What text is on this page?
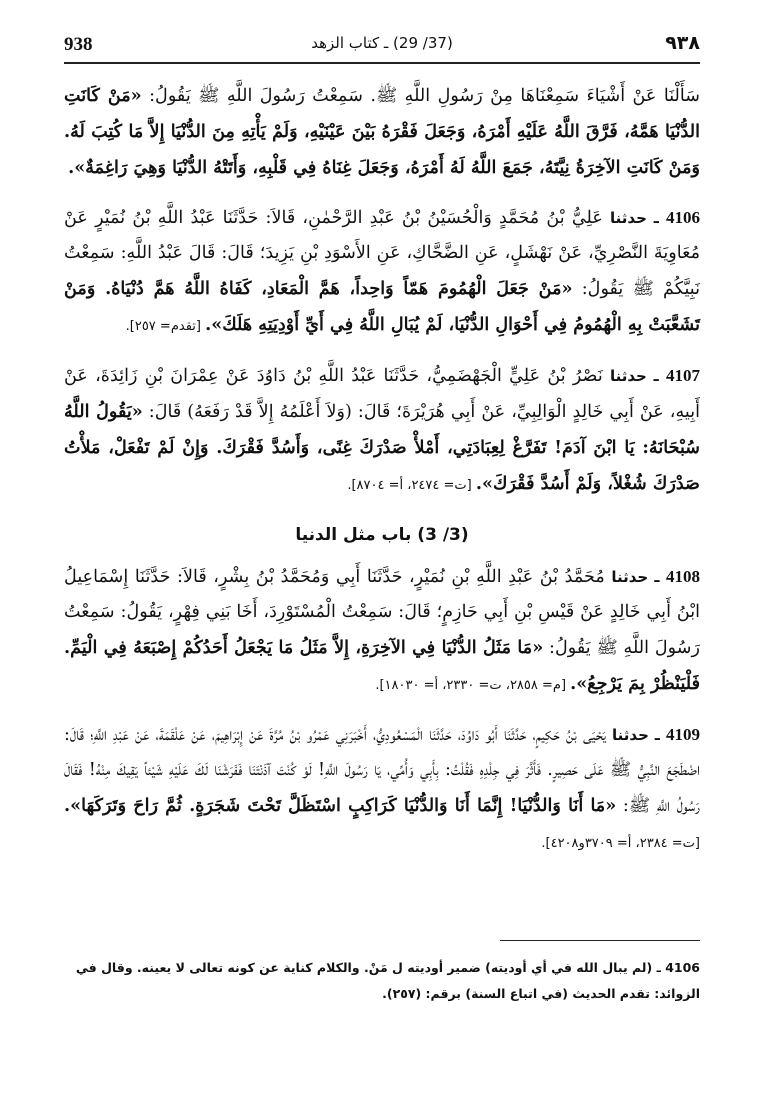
938	(37/ 29) ـ كتاب الزهد	٩٣٨

سَأَلْنَا عَنْ أَشْيَاءَ سَمِعْنَاهَا مِنْ رَسُولِ اللَّهِ ﷺ. سَمِعْتُ رَسُولَ اللَّهِ ﷺ يَقُولُ: «مَنْ كَانَتِ الدُّنْيَا هَمَّهُ، فَرَّقَ اللَّهُ عَلَيْهِ أَمْرَهُ، وَجَعَلَ فَقْرَهُ بَيْنَ عَيْنَيْهِ، وَلَمْ يَأْتِهِ مِنَ الدُّنْيَا إِلاَّ مَا كُتِبَ لَهُ. وَمَنْ كَانَتِ الآخِرَةُ نِيَّتَهُ، جَمَعَ اللَّهُ لَهُ أَمْرَهُ، وَجَعَلَ غِنَاهُ فِي قَلْبِهِ، وَأَتَتْهُ الدُّنْيَا وَهِيَ رَاغِمَةٌ».

4106 ـ حدثنا عَلِيُّ بْنُ مُحَمَّدٍ وَالْحُسَيْنُ بْنُ عَبْدِ الرَّحْمٰنِ، قَالاَ: حَدَّثَنَا عَبْدُ اللَّهِ بْنُ نُمَيْرٍ عَنْ مُعَاوِيَةَ النَّصْرِيِّ، عَنْ نَهْشَلٍ، عَنِ الضَّحَّاكِ، عَنِ الأَسْوَدِ بْنِ يَزِيدَ؛ قَالَ: قَالَ عَبْدُ اللَّهِ: سَمِعْتُ نَبِيَّكُمْ ﷺ يَقُولُ: «مَنْ جَعَلَ الْهُمُومَ هَمّاً وَاحِداً، هَمَّ الْمَعَادِ، كَفَاهُ اللَّهُ هَمَّ دُنْيَاهُ. وَمَنْ تَشَعَّبَتْ بِهِ الْهُمُومُ فِي أَحْوَالِ الدُّنْيَا، لَمْ يُبَالِ اللَّهُ فِي أَيِّ أَوْدِيَتِهِ هَلَكَ». [تقدم= ٢٥٧].

4107 ـ حدثنا نَصْرُ بْنُ عَلِيٍّ الْجَهْضَمِيُّ، حَدَّثَنَا عَبْدُ اللَّهِ بْنُ دَاوُدَ عَنْ عِمْرَانَ بْنِ زَائِدَةَ، عَنْ أَبِيهِ، عَنْ أَبِي خَالِدٍ الْوَالِبِيِّ، عَنْ أَبِي هُرَيْرَةَ؛ قَالَ: (وَلاَ أَعْلَمُهُ إِلاَّ قَدْ رَفَعَهُ) قَالَ: «يَقُولُ اللَّهُ سُبْحَانَهُ: يَا ابْنَ آدَمَ! تَفَرَّغْ لِعِبَادَتِي، أَمْلأْ صَدْرَكَ غِنًى، وَأَسُدَّ فَقْرَكَ. وَإِنْ لَمْ تَفْعَلْ، مَلأْتُ صَدْرَكَ شُغْلاً، وَلَمْ أَسُدَّ فَقْرَكَ». [ت= ٢٤٧٤، أ= ٨٧٠٤].

(3/ 3) باب مثل الدنيا

4108 ـ حدثنا مُحَمَّدُ بْنُ عَبْدِ اللَّهِ بْنِ نُمَيْرٍ، حَدَّثَنَا أَبِي وَمُحَمَّدُ بْنُ بِشْرٍ، قَالاَ: حَدَّثَنَا إِسْمَاعِيلُ ابْنُ أَبِي خَالِدٍ عَنْ قَيْسِ بْنِ أَبِي حَازِمٍ؛ قَالَ: سَمِعْتُ الْمُسْتَوْرِدَ، أَخَا بَنِي فِهْرٍ، يَقُولُ: سَمِعْتُ رَسُولَ اللَّهِ ﷺ يَقُولُ: «مَا مَثَلُ الدُّنْيَا فِي الآخِرَةِ، إِلاَّ مَثَلُ مَا يَجْعَلُ أَحَدُكُمْ إِصْبَعَهُ فِي الْيَمِّ. فَلْيَنْظُرْ بِمَ يَرْجِعُ». [م= ٢٨٥٨، ت= ٢٣٣٠، أ= ١٨٠٣٠].

4109 ـ حدثنا يَحْيَى بْنُ حَكِيمٍ، حَدَّثَنَا أَبُو دَاوُدَ، حَدَّثَنَا الْمَسْعُودِيُّ، أَخْبَرَنِي عَمْرُو بْنُ مُرَّةَ عَنْ إِبْرَاهِيمَ، عَنْ عَلْقَمَةَ، عَنْ عَبْدِ اللَّهِ؛ قَالَ: اضْطَجَعَ النَّبِيُّ ﷺ عَلَى حَصِيرٍ. فَأَثَّرَ فِي جِلْدِهِ فَقُلْتُ: بِأَبِي وَأُمِّي، يَا رَسُولَ اللَّهِ! لَوْ كُنْتَ آذَنْتَنَا فَفَرَشْنَا لَكَ عَلَيْهِ شَيْئاً يَقِيكَ مِنْهُ! فَقَالَ رَسُولُ اللَّهِ ﷺ: «مَا أَنَا وَالدُّنْيَا! إِنَّمَا أَنَا وَالدُّنْيَا كَرَاكِبٍ اسْتَظَلَّ تَحْتَ شَجَرَةٍ. ثُمَّ رَاحَ وَتَرَكَهَا». [ت= ٢٣٨٤، أ= ٣٧٠٩و٤٢٠٨].

4106 ـ (لم يبال الله في أي أوديته) ضمير أوديته ل مَنْ. والكلام كناية عن كونه تعالى لا يعينه. وقال في

الزوائد: تقدم الحديث (في اتباع السنة) برقم: (٢٥٧).
